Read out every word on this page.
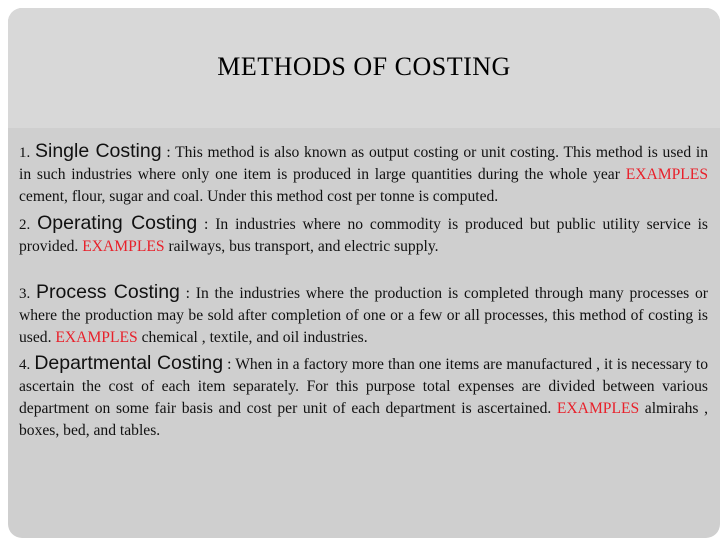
METHODS OF COSTING

1. Single Costing : This method is also known as output costing or unit costing. This method is used in in such industries where only one item is produced in large quantities during the whole year EXAMPLES cement, flour, sugar and coal. Under this method cost per tonne is computed.

2. Operating Costing : In industries where no commodity is produced but public utility service is provided. EXAMPLES railways, bus transport, and electric supply.

3. Process Costing : In the industries where the production is completed through many processes or where the production may be sold after completion of one or a few or all processes, this method of costing is used. EXAMPLES chemical , textile, and oil industries.

4. Departmental Costing : When in a factory more than one items are manufactured , it is necessary to ascertain the cost of each item separately. For this purpose total expenses are divided between various department on some fair basis and cost per unit of each department is ascertained. EXAMPLES almirahs , boxes, bed, and tables.
